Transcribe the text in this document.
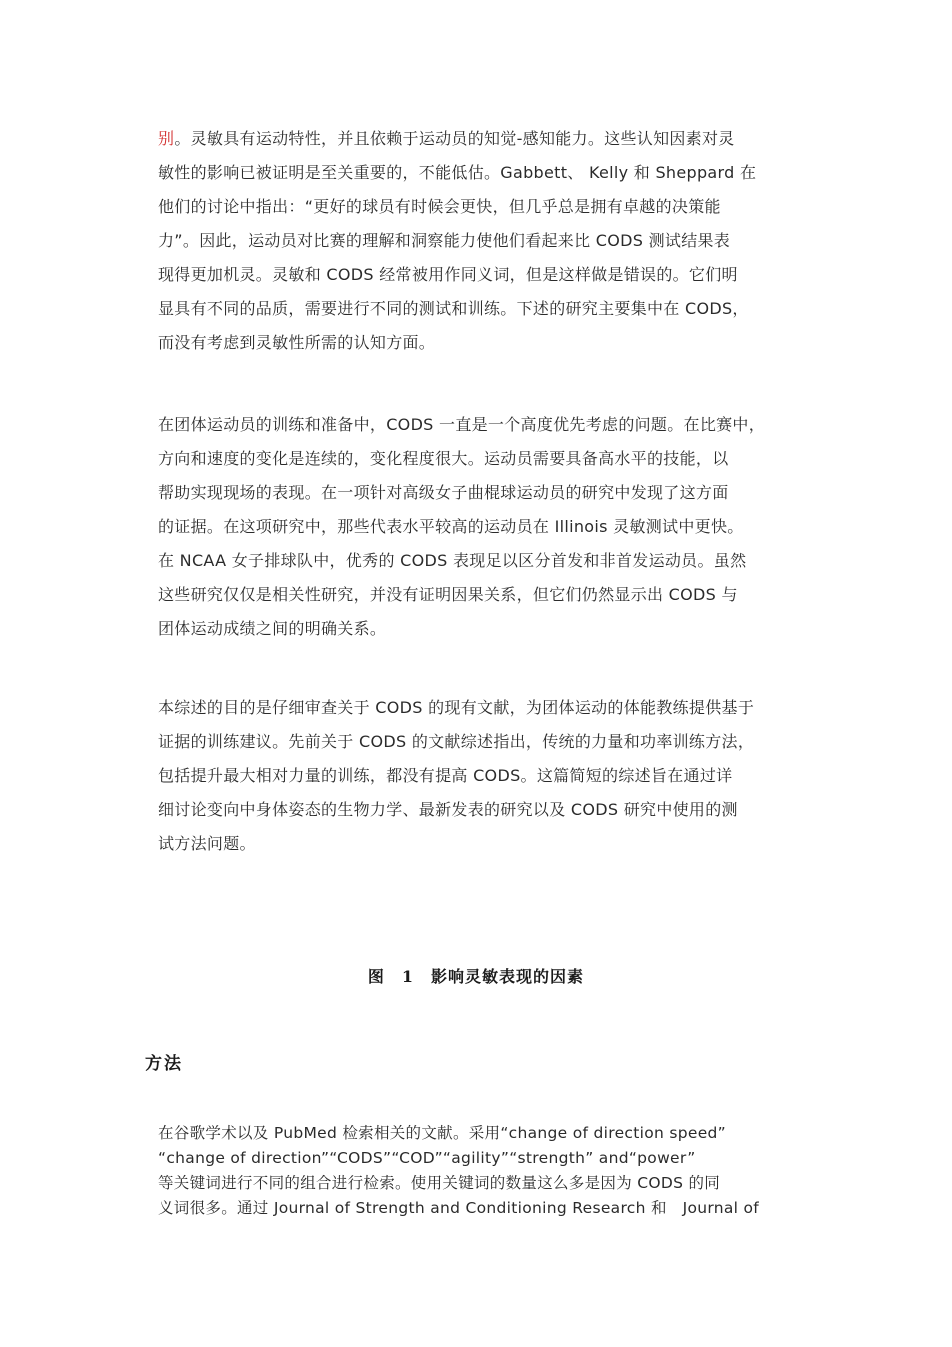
别。灵敏具有运动特性，并且依赖于运动员的知觉-感知能力。这些认知因素对灵

敏性的影响已被证明是至关重要的，不能低估。Gabbett、 Kelly 和 Sheppard 在

他们的讨论中指出：“更好的球员有时候会更快，但几乎总是拥有卓越的决策能

力”。因此，运动员对比赛的理解和洞察能力使他们看起来比 CODS 测试结果表

现得更加机灵。灵敏和 CODS 经常被用作同义词，但是这样做是错误的。它们明

显具有不同的品质，需要进行不同的测试和训练。下述的研究主要集中在 CODS，

而没有考虑到灵敏性所需的认知方面。

在团体运动员的训练和准备中，CODS 一直是一个高度优先考虑的问题。在比赛中，

方向和速度的变化是连续的，变化程度很大。运动员需要具备高水平的技能，以

帮助实现现场的表现。在一项针对高级女子曲棍球运动员的研究中发现了这方面

的证据。在这项研究中，那些代表水平较高的运动员在 Illinois 灵敏测试中更快。

在 NCAA 女子排球队中，优秀的 CODS 表现足以区分首发和非首发运动员。虽然

这些研究仅仅是相关性研究，并没有证明因果关系，但它们仍然显示出 CODS 与

团体运动成绩之间的明确关系。

本综述的目的是仔细审查关于 CODS 的现有文献，为团体运动的体能教练提供基于

证据的训练建议。先前关于 CODS 的文献综述指出，传统的力量和功率训练方法，

包括提升最大相对力量的训练，都没有提高 CODS。这篇简短的综述旨在通过详

细讨论变向中身体姿态的生物力学、最新发表的研究以及 CODS 研究中使用的测

试方法问题。

图　1　影响灵敏表现的因素
方法

在谷歌学术以及 PubMed 检索相关的文献。采用“change of direction speed”

“change of direction”“CODS”“COD”“agility”“strength” and“power”

等关键词进行不同的组合进行检索。使用关键词的数量这么多是因为 CODS 的同

义词很多。通过 Journal of Strength and Conditioning Research 和　Journal of
